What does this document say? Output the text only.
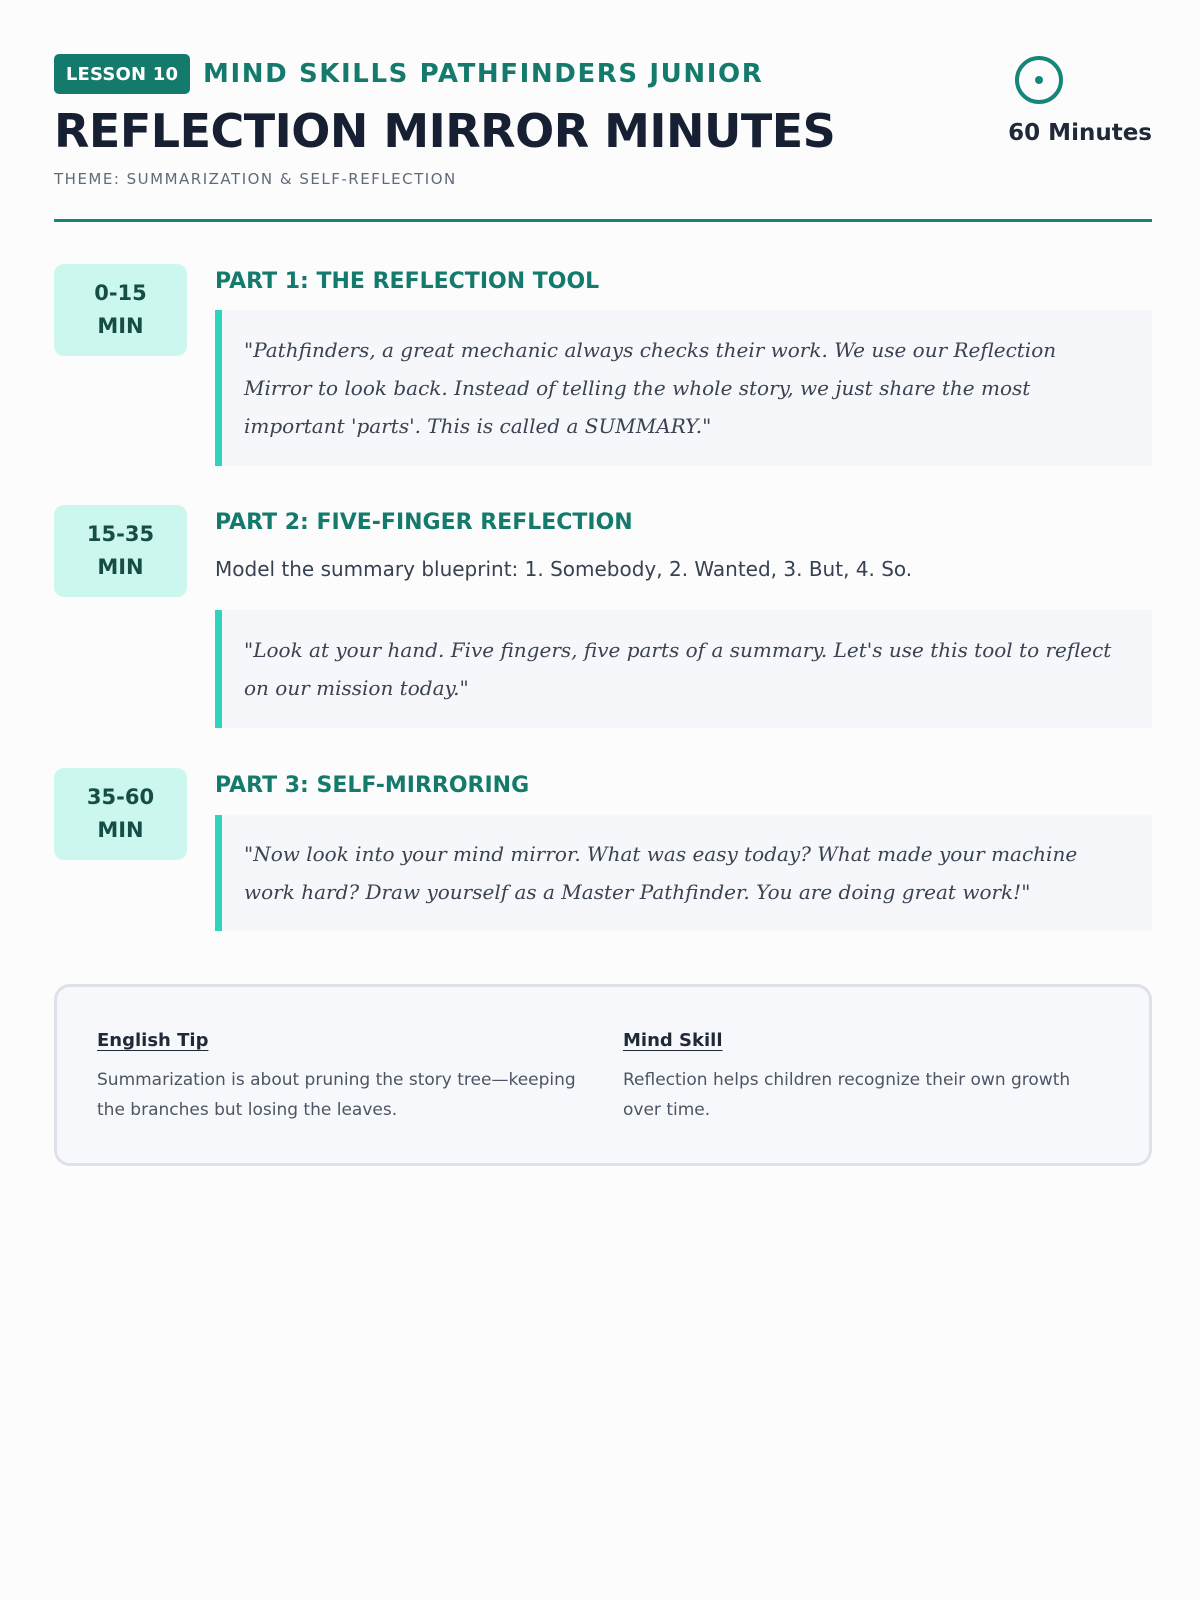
LESSON 10 MIND SKILLS PATHFINDERS JUNIOR
REFLECTION MIRROR MINUTES
THEME: SUMMARIZATION & SELF-REFLECTION
60 Minutes
0-15
MIN
PART 1: THE REFLECTION TOOL
"Pathfinders, a great mechanic always checks their work. We use our Reflection Mirror to look back. Instead of telling the whole story, we just share the most important 'parts'. This is called a SUMMARY."
15-35
MIN
PART 2: FIVE-FINGER REFLECTION
Model the summary blueprint: 1. Somebody, 2. Wanted, 3. But, 4. So.
"Look at your hand. Five fingers, five parts of a summary. Let's use this tool to reflect on our mission today."
35-60
MIN
PART 3: SELF-MIRRORING
"Now look into your mind mirror. What was easy today? What made your machine work hard? Draw yourself as a Master Pathfinder. You are doing great work!"
English Tip
Summarization is about pruning the story tree—keeping the branches but losing the leaves.
Mind Skill
Reflection helps children recognize their own growth over time.
